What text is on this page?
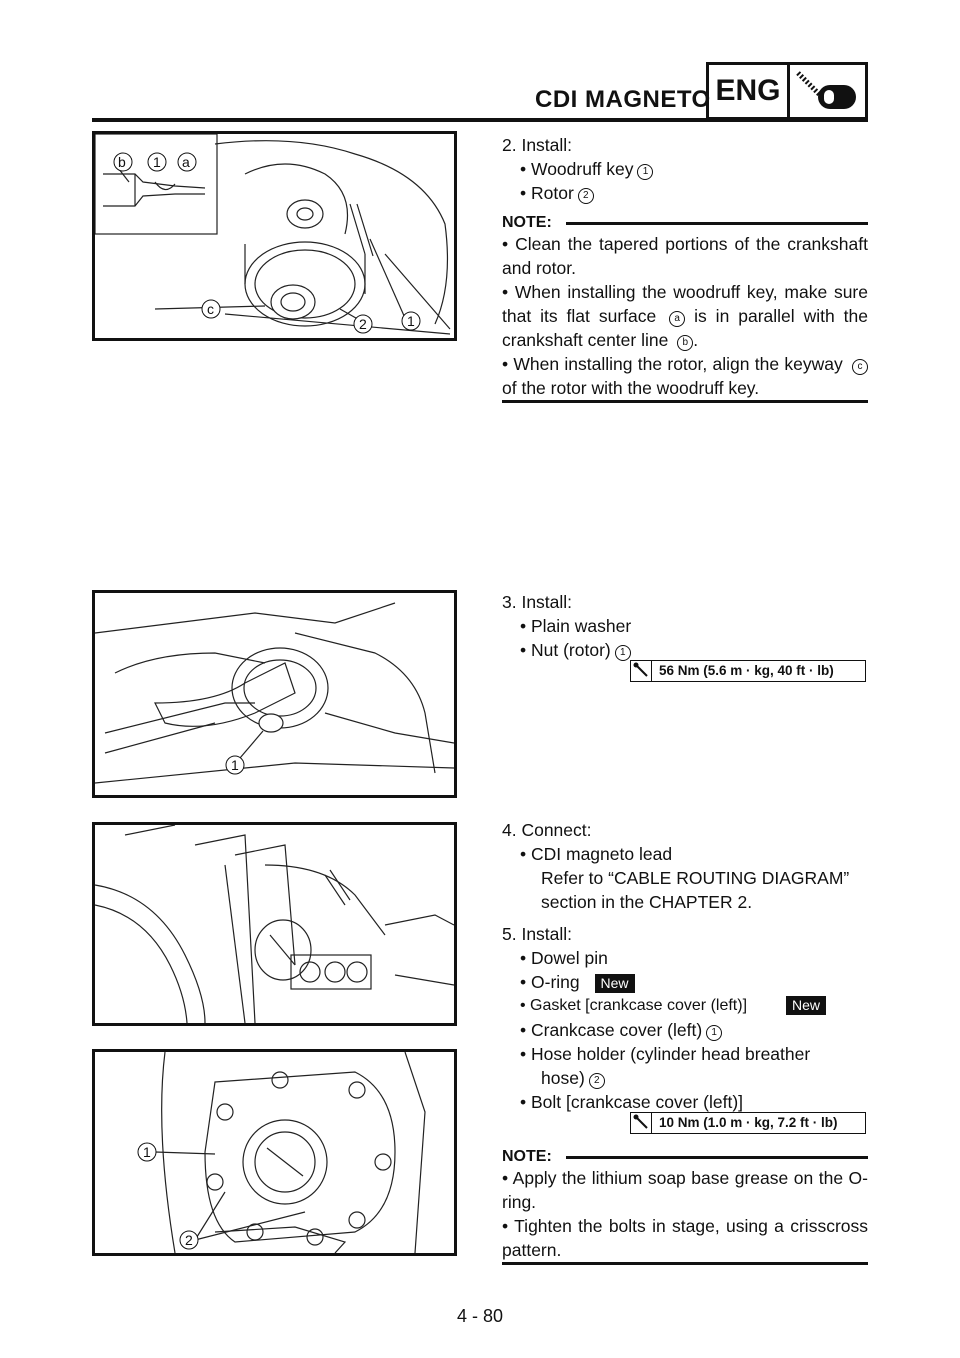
CDI MAGNETO ENG
b 1 a
c
2	1
2. Install:
• Woodruff key 1
• Rotor 2
NOTE:
• Clean the tapered portions of the crankshaft and rotor.
• When installing the woodruff key, make sure that its flat surface a is in parallel with the crankshaft center line b .
• When installing the rotor, align the keyway c of the rotor with the woodruff key.
1
3. Install:
• Plain washer
• Nut (rotor) 1
56 Nm (5.6 m · kg, 40 ft · lb)
4. Connect:
• CDI magneto lead
Refer to “CABLE ROUTING DIAGRAM”
section in the CHAPTER 2.
5. Install:
• Dowel pin
• O-ring New
• Gasket [crankcase cover (left)]	New
• Crankcase cover (left) 1
• Hose holder (cylinder head breather
hose) 2
• Bolt [crankcase cover (left)]
10 Nm (1.0 m · kg, 7.2 ft · lb)
NOTE:
• Apply the lithium soap base grease on the O-ring.
• Tighten the bolts in stage, using a crisscross pattern.
1
2
4 - 80
